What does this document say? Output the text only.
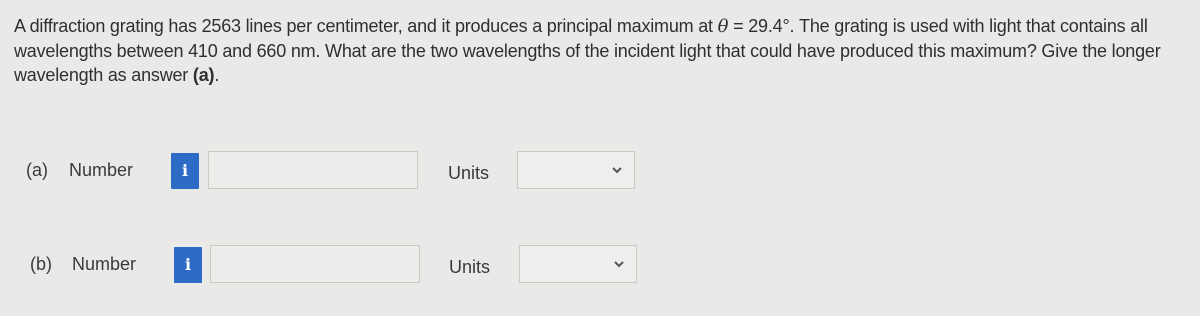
A diffraction grating has 2563 lines per centimeter, and it produces a principal maximum at θ = 29.4°. The grating is used with light that contains all wavelengths between 410 and 660 nm. What are the two wavelengths of the incident light that could have produced this maximum? Give the longer wavelength as answer (a).
(a) Number	i	Units
(b) Number	i	Units
